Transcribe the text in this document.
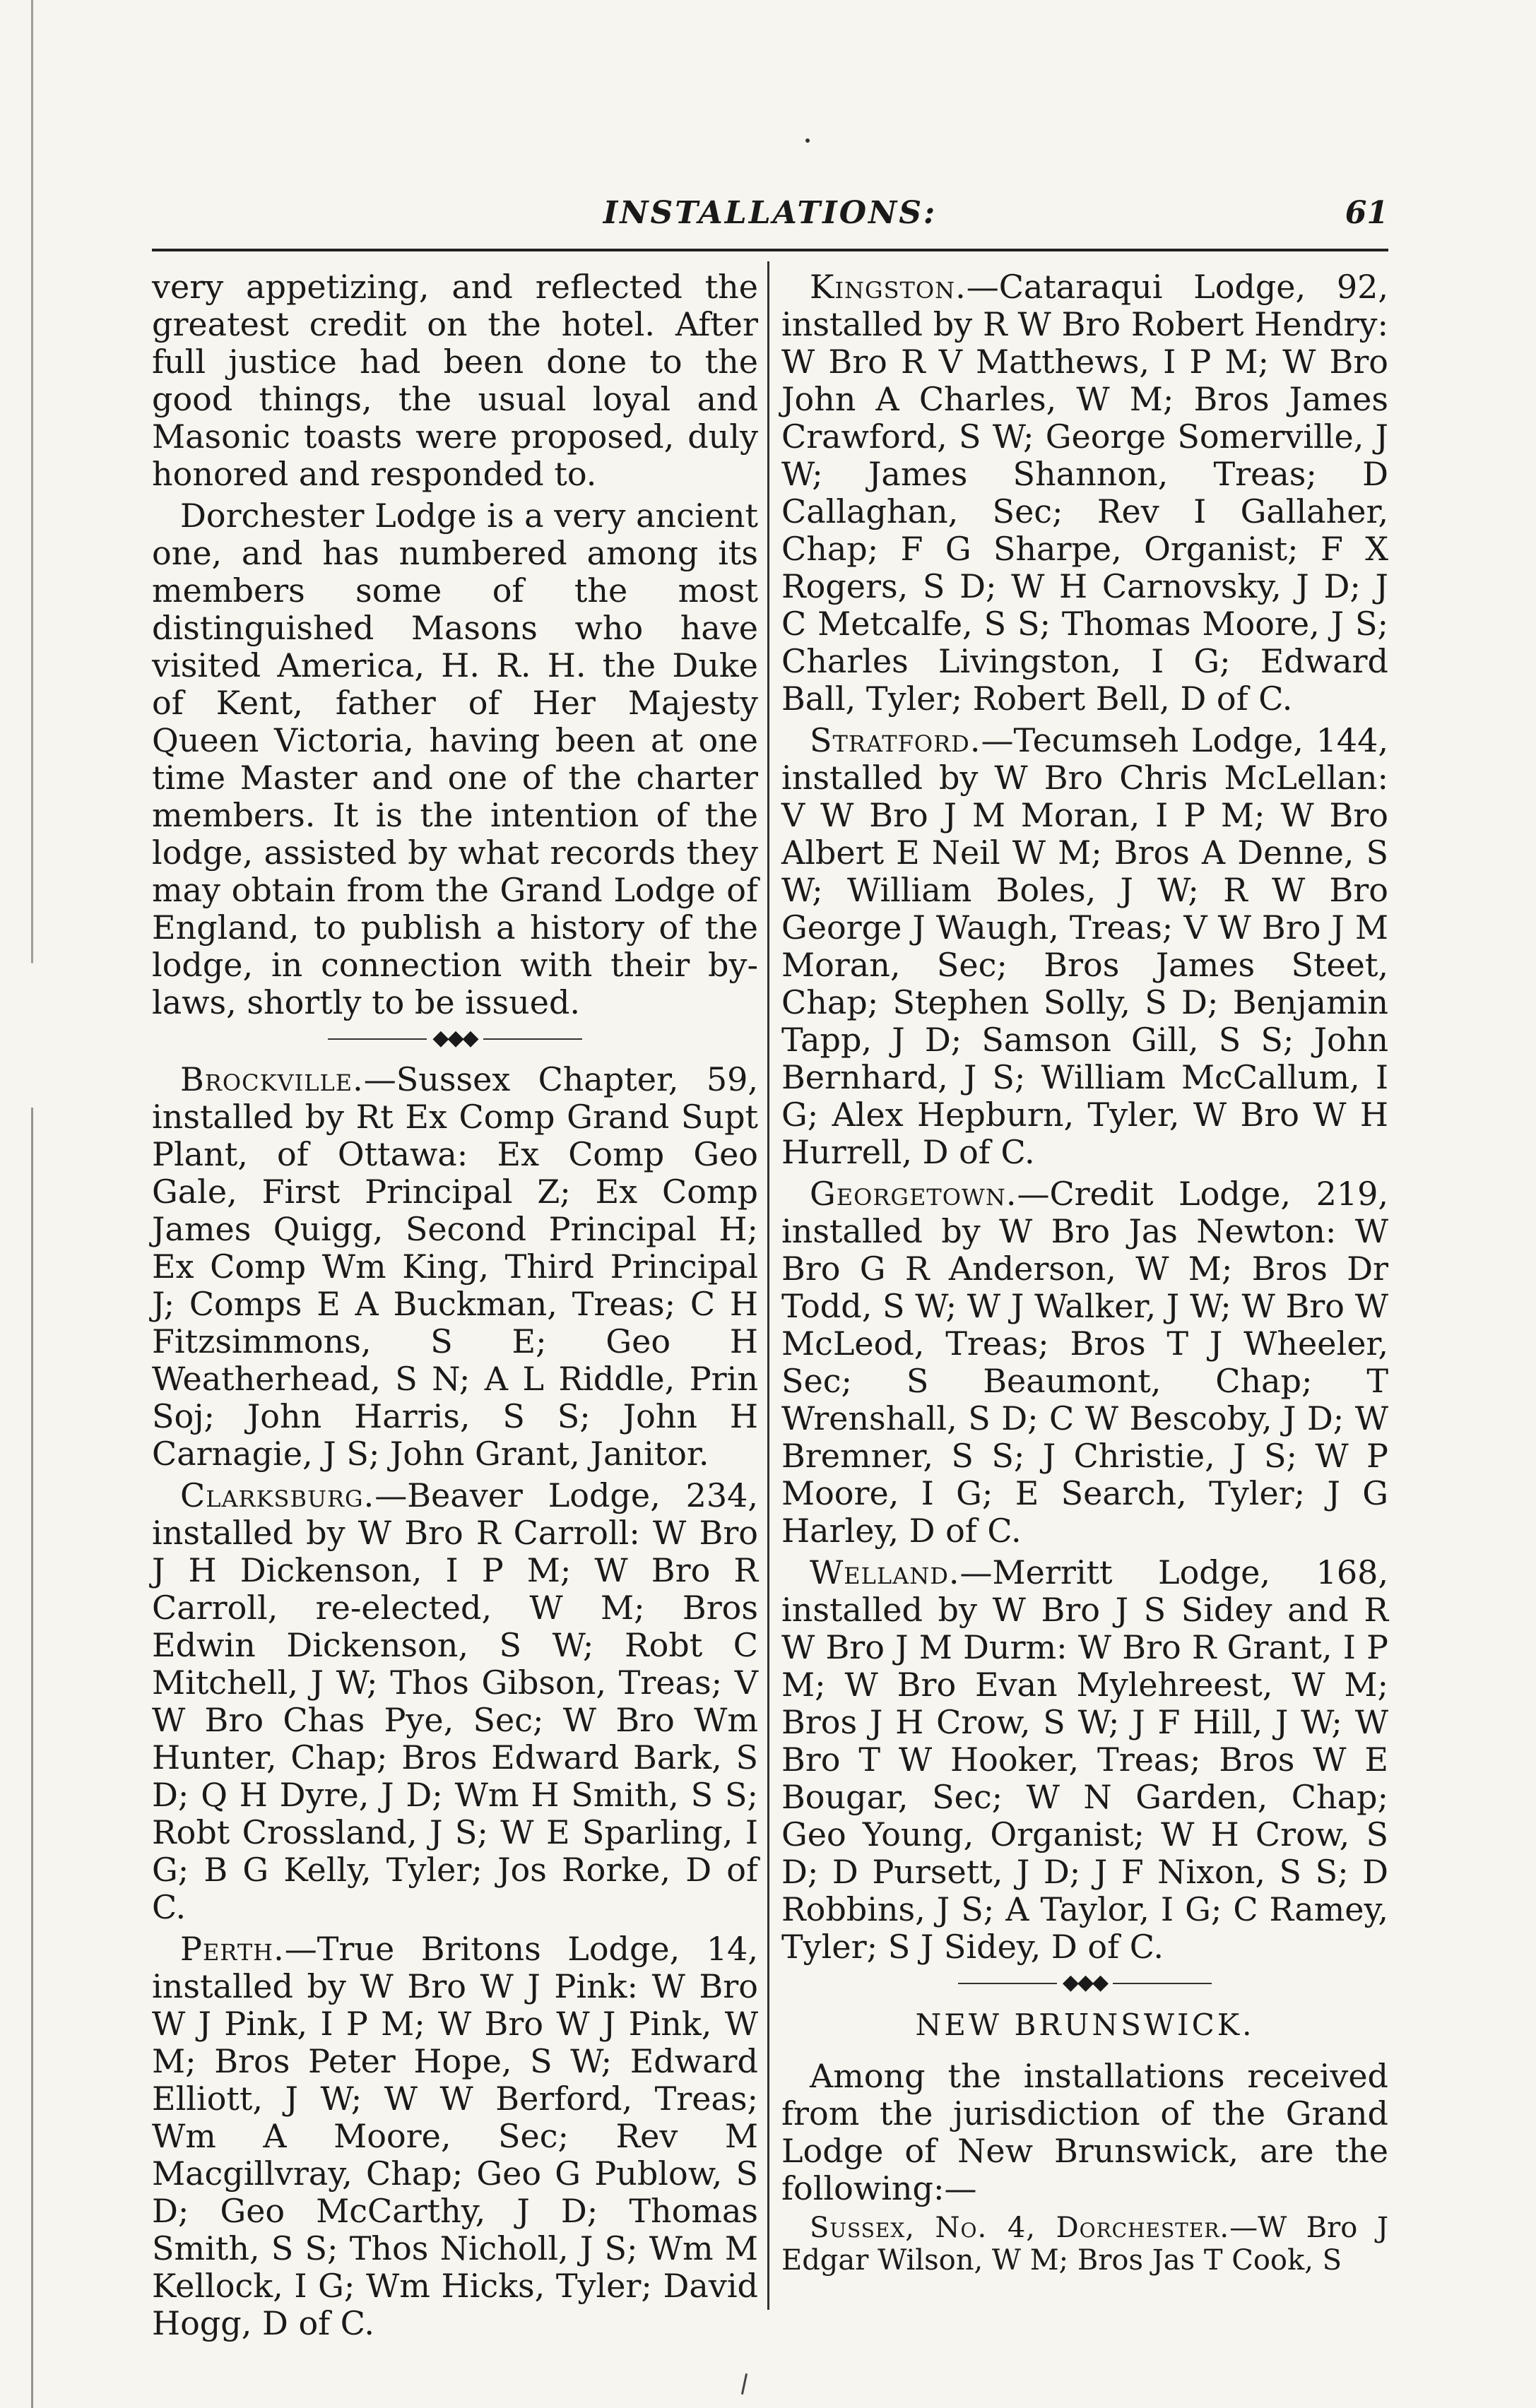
INSTALLATIONS:	61

very appetizing, and reflected the greatest credit on the hotel. After full justice had been done to the good things, the usual loyal and Masonic toasts were proposed, duly honored and responded to.

Dorchester Lodge is a very ancient one, and has numbered among its members some of the most distinguished Masons who have visited America, H. R. H. the Duke of Kent, father of Her Majesty Queen Victoria, having been at one time Master and one of the charter members. It is the intention of the lodge, assisted by what records they may obtain from the Grand Lodge of England, to publish a history of the lodge, in connection with their by-laws, shortly to be issued.

◆◆◆

Brockville.—Sussex Chapter, 59, installed by Rt Ex Comp Grand Supt Plant, of Ottawa: Ex Comp Geo Gale, First Principal Z; Ex Comp James Quigg, Second Principal H; Ex Comp Wm King, Third Principal J; Comps E A Buckman, Treas; C H Fitzsimmons, S E; Geo H Weatherhead, S N; A L Riddle, Prin Soj; John Harris, S S; John H Carnagie, J S; John Grant, Janitor.

Clarksburg.—Beaver Lodge, 234, installed by W Bro R Carroll: W Bro J H Dickenson, I P M; W Bro R Carroll, re-elected, W M; Bros Edwin Dickenson, S W; Robt C Mitchell, J W; Thos Gibson, Treas; V W Bro Chas Pye, Sec; W Bro Wm Hunter, Chap; Bros Edward Bark, S D; Q H Dyre, J D; Wm H Smith, S S; Robt Crossland, J S; W E Sparling, I G; B G Kelly, Tyler; Jos Rorke, D of C.

Perth.—True Britons Lodge, 14, installed by W Bro W J Pink: W Bro W J Pink, I P M; W Bro W J Pink, W M; Bros Peter Hope, S W; Edward Elliott, J W; W W Berford, Treas; Wm A Moore, Sec; Rev M Macgillvray, Chap; Geo G Publow, S D; Geo McCarthy, J D; Thomas Smith, S S; Thos Nicholl, J S; Wm M Kellock, I G; Wm Hicks, Tyler; David Hogg, D of C.

Kingston.—Cataraqui Lodge, 92, installed by R W Bro Robert Hendry: W Bro R V Matthews, I P M; W Bro John A Charles, W M; Bros James Crawford, S W; George Somerville, J W; James Shannon, Treas; D Callaghan, Sec; Rev I Gallaher, Chap; F G Sharpe, Organist; F X Rogers, S D; W H Carnovsky, J D; J C Metcalfe, S S; Thomas Moore, J S; Charles Livingston, I G; Edward Ball, Tyler; Robert Bell, D of C.

Stratford.—Tecumseh Lodge, 144, installed by W Bro Chris McLellan: V W Bro J M Moran, I P M; W Bro Albert E Neil W M; Bros A Denne, S W; William Boles, J W; R W Bro George J Waugh, Treas; V W Bro J M Moran, Sec; Bros James Steet, Chap; Stephen Solly, S D; Benjamin Tapp, J D; Samson Gill, S S; John Bernhard, J S; William McCallum, I G; Alex Hepburn, Tyler, W Bro W H Hurrell, D of C.

Georgetown.—Credit Lodge, 219, installed by W Bro Jas Newton: W Bro G R Anderson, W M; Bros Dr Todd, S W; W J Walker, J W; W Bro W McLeod, Treas; Bros T J Wheeler, Sec; S Beaumont, Chap; T Wrenshall, S D; C W Bescoby, J D; W Bremner, S S; J Christie, J S; W P Moore, I G; E Search, Tyler; J G Harley, D of C.

Welland.—Merritt Lodge, 168, installed by W Bro J S Sidey and R W Bro J M Durm: W Bro R Grant, I P M; W Bro Evan Mylehreest, W M; Bros J H Crow, S W; J F Hill, J W; W Bro T W Hooker, Treas; Bros W E Bougar, Sec; W N Garden, Chap; Geo Young, Organist; W H Crow, S D; D Pursett, J D; J F Nixon, S S; D Robbins, J S; A Taylor, I G; C Ramey, Tyler; S J Sidey, D of C.

◆◆◆
NEW BRUNSWICK.

Among the installations received from the jurisdiction of the Grand Lodge of New Brunswick, are the following:—

Sussex, No. 4, Dorchester.—W Bro J Edgar Wilson, W M; Bros Jas T Cook, S
